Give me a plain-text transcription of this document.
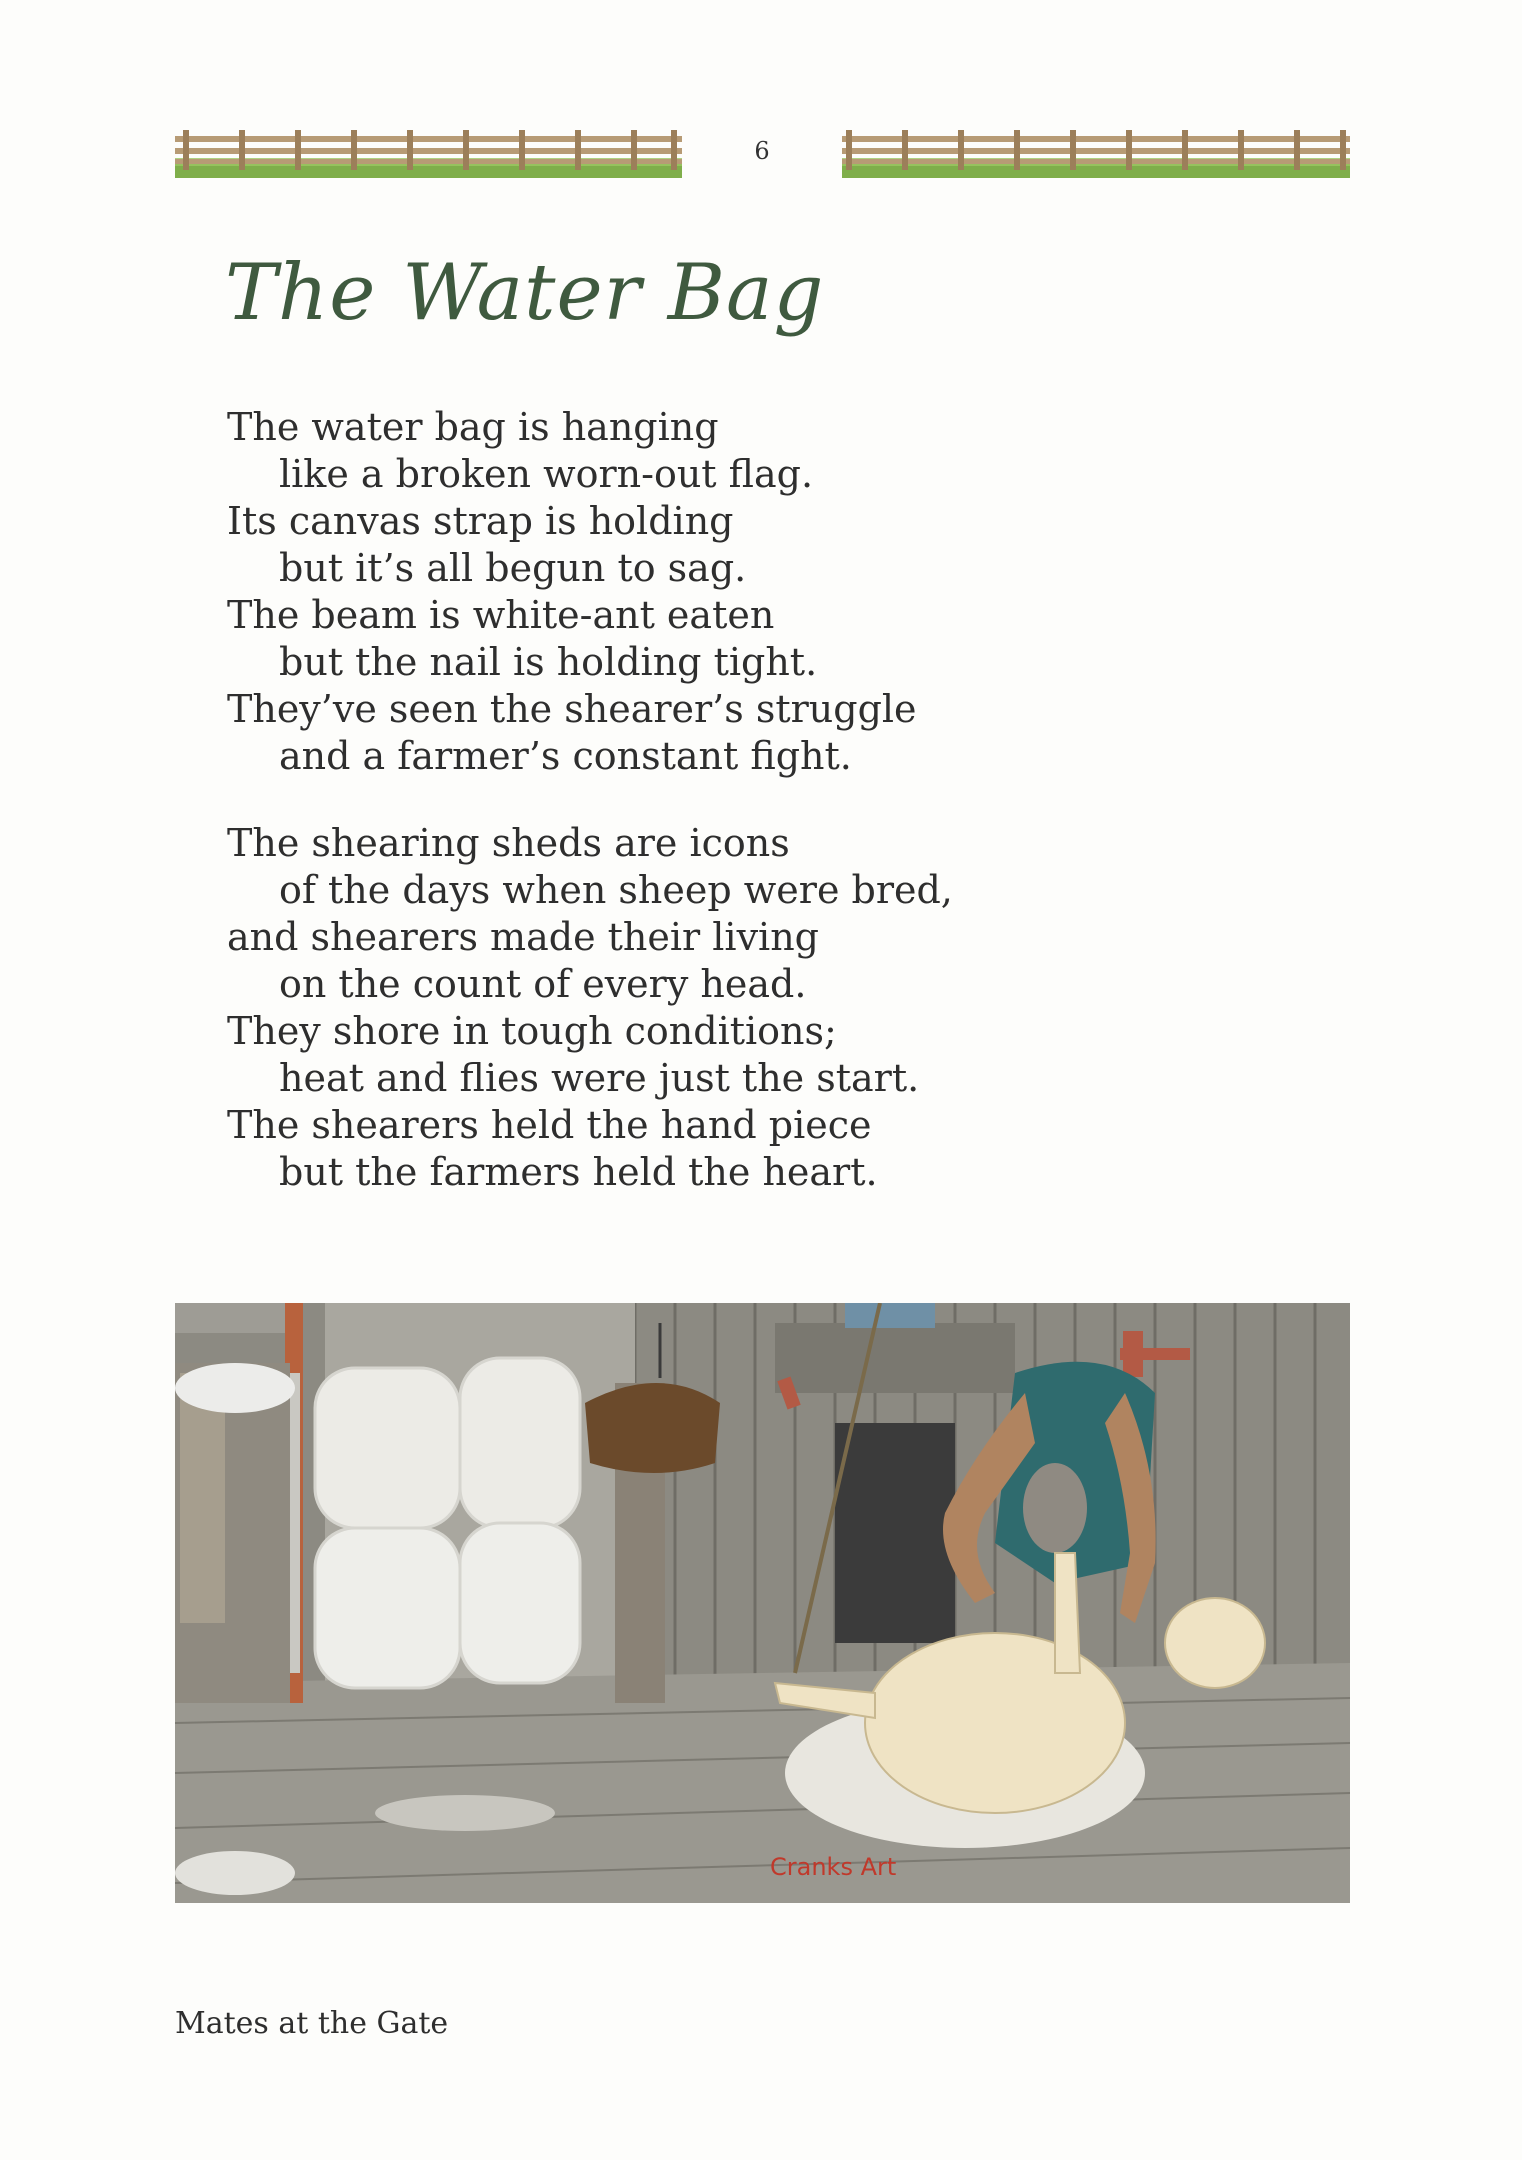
6
The Water Bag
The water bag is hanging
like a broken worn-out flag.
Its canvas strap is holding
but it’s all begun to sag.
The beam is white-ant eaten
but the nail is holding tight.
They’ve seen the shearer’s struggle
and a farmer’s constant fight.
The shearing sheds are icons
of the days when sheep were bred,
and shearers made their living
on the count of every head.
They shore in tough conditions;
heat and flies were just the start.
The shearers held the hand piece
but the farmers held the heart.
Cranks Art
Mates at the Gate
